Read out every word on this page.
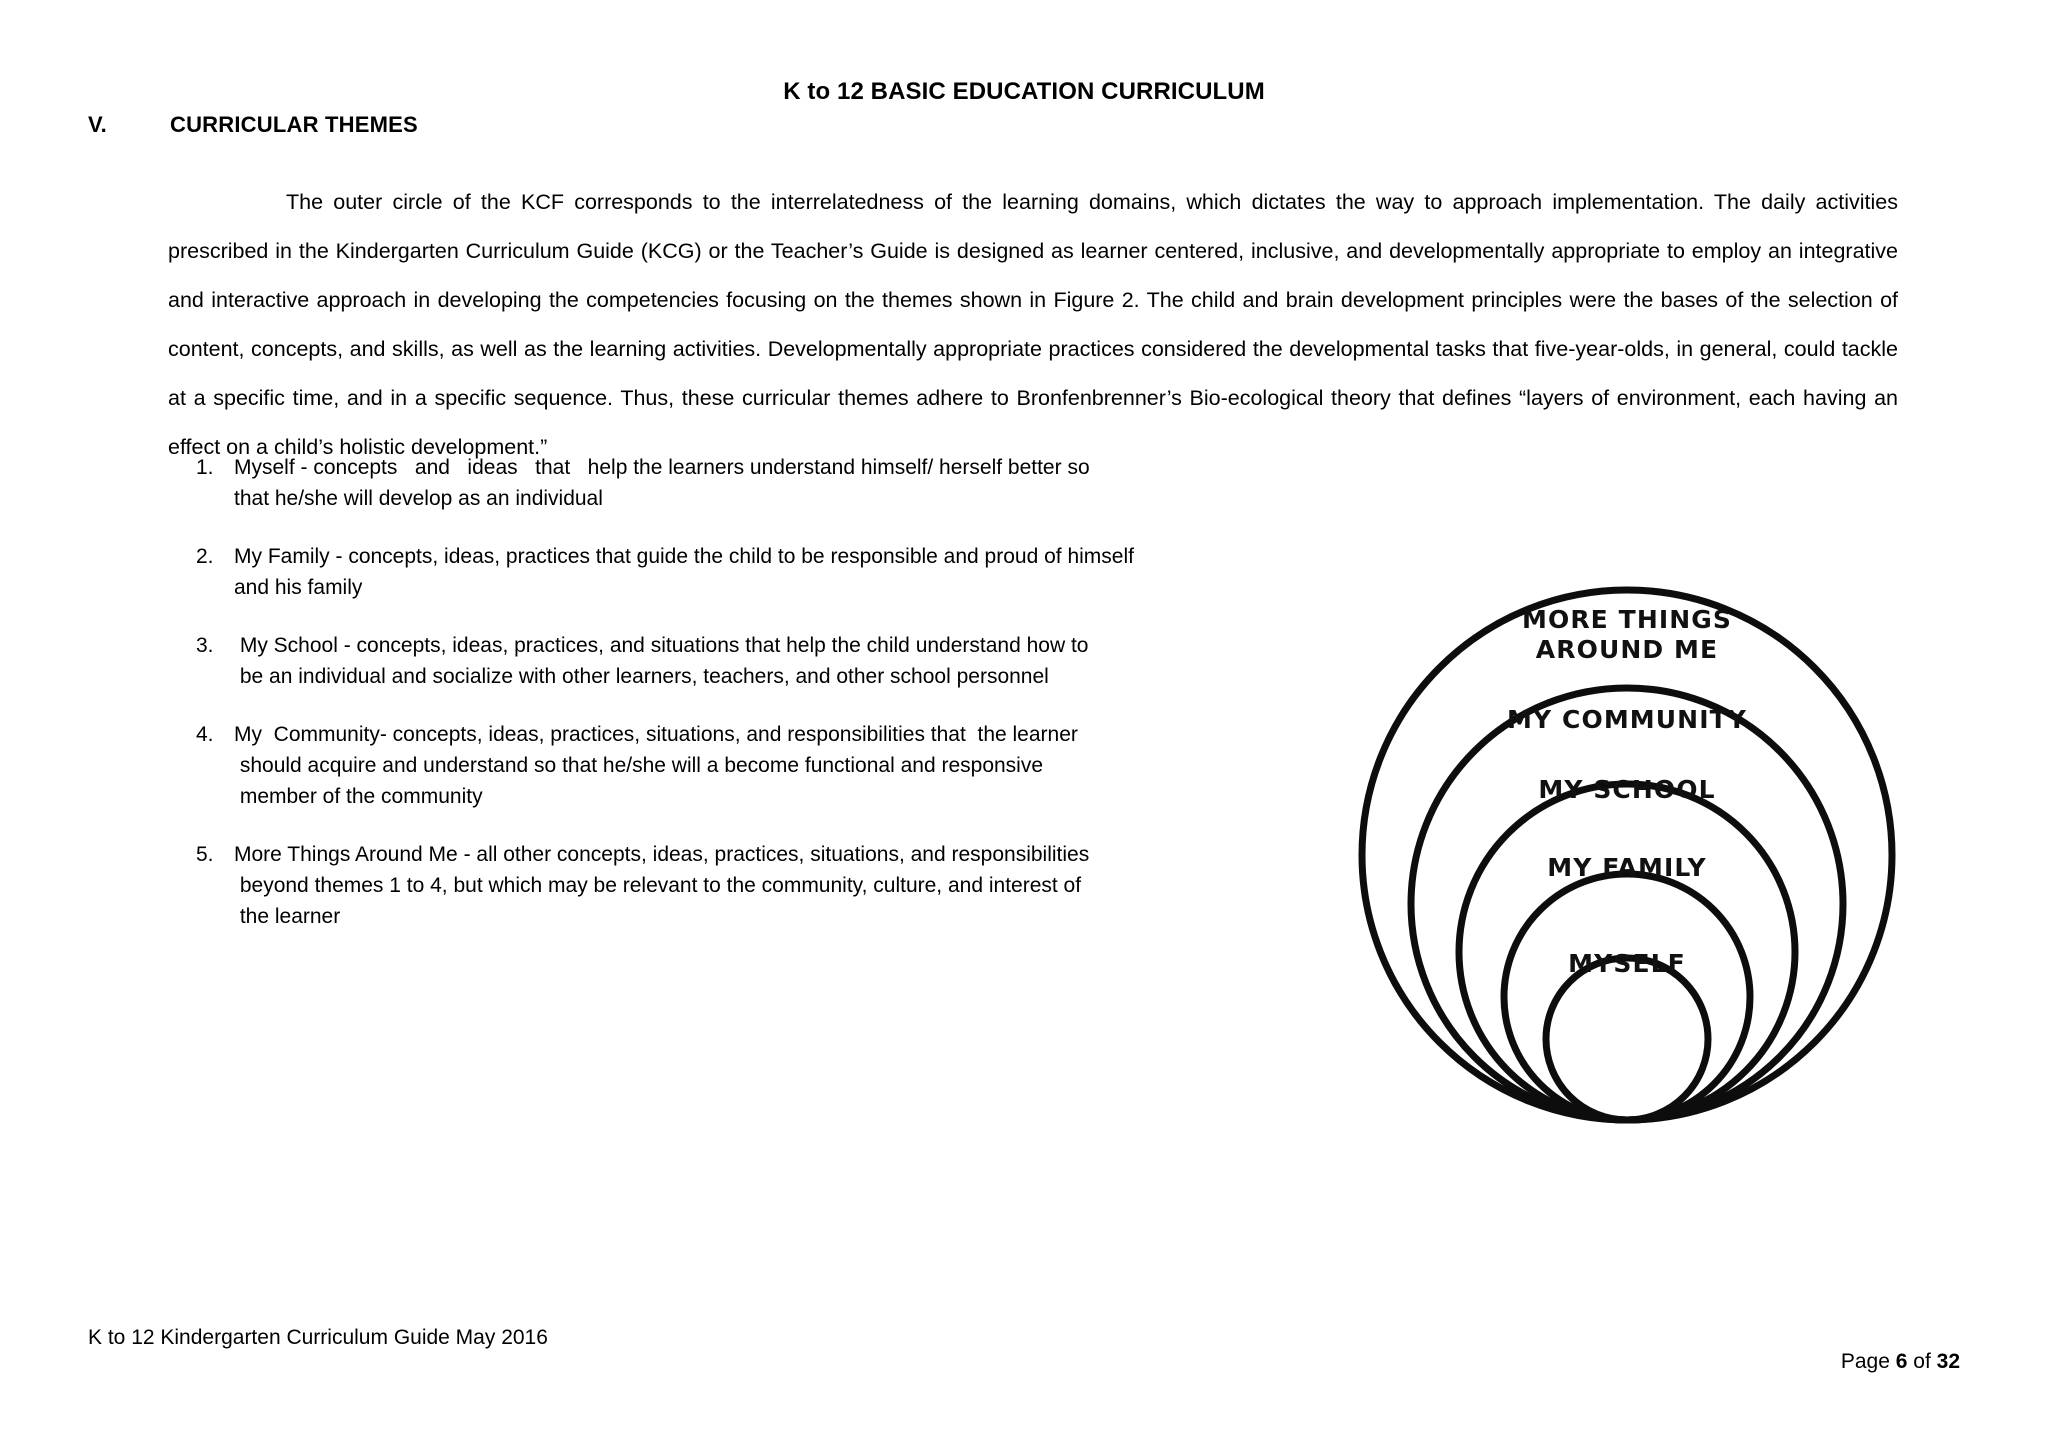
K to 12 BASIC EDUCATION CURRICULUM
V.	CURRICULAR THEMES

The outer circle of the KCF corresponds to the interrelatedness of the learning domains, which dictates the way to approach implementation. The daily activities prescribed in the Kindergarten Curriculum Guide (KCG) or the Teacher’s Guide is designed as learner centered, inclusive, and developmentally appropriate to employ an integrative and interactive approach in developing the competencies focusing on the themes shown in Figure 2. The child and brain development principles were the bases of the selection of content, concepts, and skills, as well as the learning activities. Developmentally appropriate practices considered the developmental tasks that five-year-olds, in general, could tackle at a specific time, and in a specific sequence. Thus, these curricular themes adhere to Bronfenbrenner’s Bio-ecological theory that defines “layers of environment, each having an effect on a child’s holistic development.”

1. Myself - concepts   and   ideas   that   help the learners understand himself/ herself better so
that he/she will develop as an individual
2. My Family - concepts, ideas, practices that guide the child to be responsible and proud of himself
and his family
3. My School - concepts, ideas, practices, and situations that help the child understand how to
be an individual and socialize with other learners, teachers, and other school personnel
4. My  Community- concepts, ideas, practices, situations, and responsibilities that  the learner
should acquire and understand so that he/she will a become functional and responsive
member of the community
5. More Things Around Me - all other concepts, ideas, practices, situations, and responsibilities
beyond themes 1 to 4, but which may be relevant to the community, culture, and interest of
the learner
MORE THINGS
AROUND ME
MY COMMUNITY
MY SCHOOL
MY FAMILY
MYSELF
K to 12 Kindergarten Curriculum Guide May 2016

Page 6 of 32
